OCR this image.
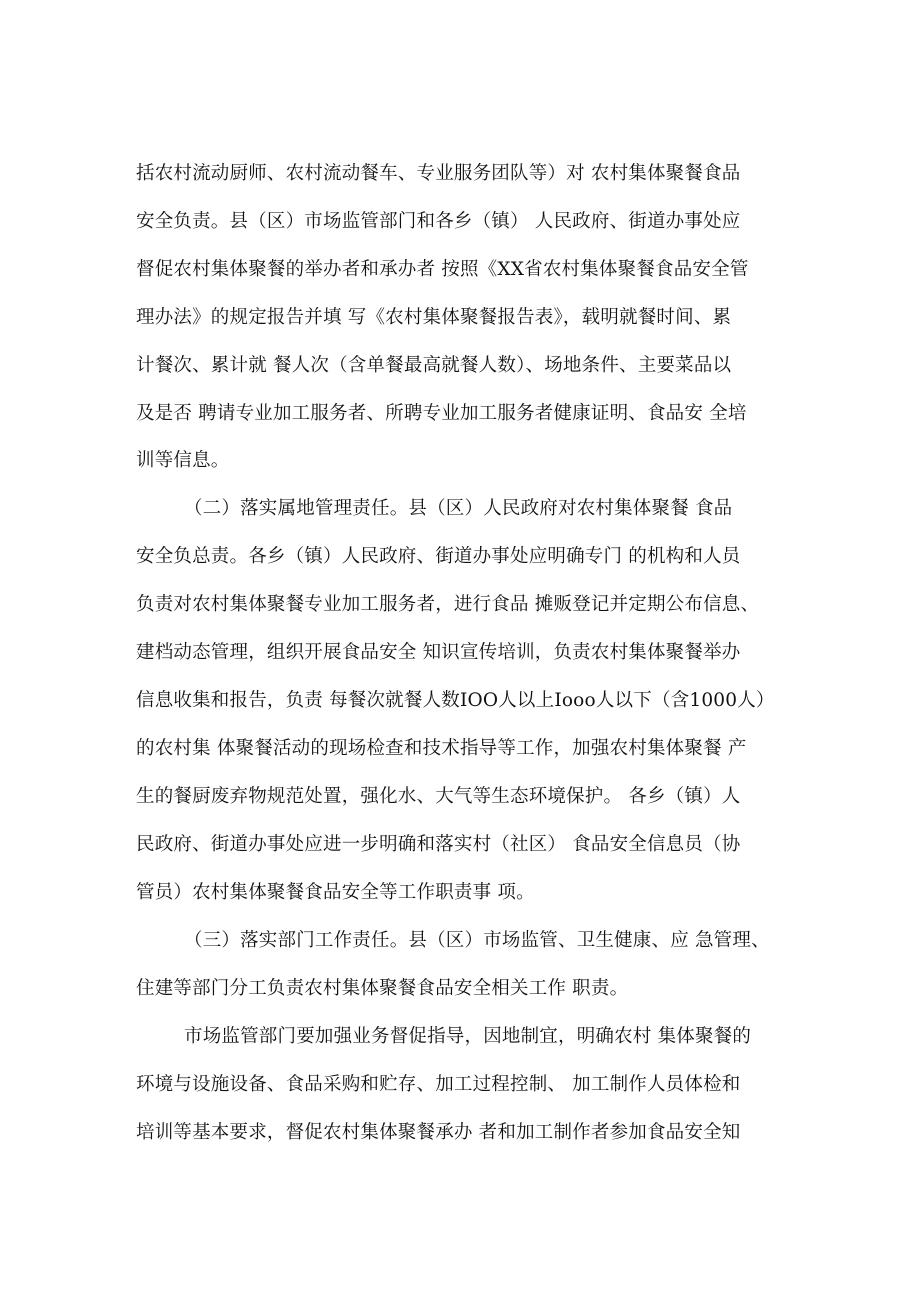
括农村流动厨师、农村流动餐车、专业服务团队等）对 农村集体聚餐食品
安全负责。县（区）市场监管部门和各乡（镇） 人民政府、街道办事处应
督促农村集体聚餐的举办者和承办者 按照《XX省农村集体聚餐食品安全管
理办法》的规定报告并填 写《农村集体聚餐报告表》，载明就餐时间、累
计餐次、累计就 餐人次（含单餐最高就餐人数）、场地条件、主要菜品以
及是否 聘请专业加工服务者、所聘专业加工服务者健康证明、食品安 全培
训等信息。
（二）落实属地管理责任。县（区）人民政府对农村集体聚餐 食品
安全负总责。各乡（镇）人民政府、街道办事处应明确专门 的机构和人员
负责对农村集体聚餐专业加工服务者，进行食品 摊贩登记并定期公布信息、
建档动态管理，组织开展食品安全 知识宣传培训，负责农村集体聚餐举办
信息收集和报告，负责 每餐次就餐人数IOO人以上Iooo人以下（含1000人）
的农村集 体聚餐活动的现场检查和技术指导等工作，加强农村集体聚餐 产
生的餐厨废弃物规范处置，强化水、大气等生态环境保护。 各乡（镇）人
民政府、街道办事处应进一步明确和落实村（社区） 食品安全信息员（协
管员）农村集体聚餐食品安全等工作职责事 项。
（三）落实部门工作责任。县（区）市场监管、卫生健康、应 急管理、
住建等部门分工负责农村集体聚餐食品安全相关工作 职责。
市场监管部门要加强业务督促指导，因地制宜，明确农村 集体聚餐的
环境与设施设备、食品采购和贮存、加工过程控制、 加工制作人员体检和
培训等基本要求，督促农村集体聚餐承办 者和加工制作者参加食品安全知
